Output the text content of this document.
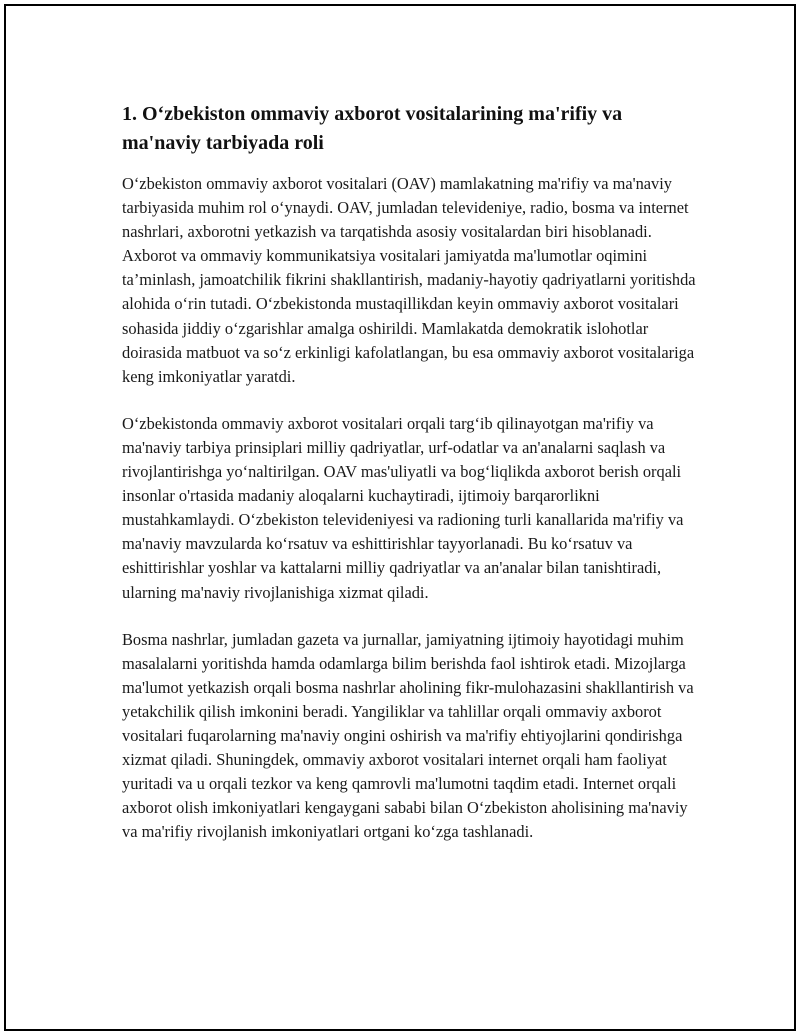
1. O‘zbekiston ommaviy axborot vositalarining ma'rifiy va ma'naviy tarbiyada roli

O‘zbekiston ommaviy axborot vositalari (OAV) mamlakatning ma'rifiy va ma'naviy tarbiyasida muhim rol o‘ynaydi. OAV, jumladan televideniye, radio, bosma va internet nashrlari, axborotni yetkazish va tarqatishda asosiy vositalardan biri hisoblanadi. Axborot va ommaviy kommunikatsiya vositalari jamiyatda ma'lumotlar oqimini ta’minlash, jamoatchilik fikrini shakllantirish, madaniy-hayotiy qadriyatlarni yoritishda alohida o‘rin tutadi. O‘zbekistonda mustaqillikdan keyin ommaviy axborot vositalari sohasida jiddiy o‘zgarishlar amalga oshirildi. Mamlakatda demokratik islohotlar doirasida matbuot va so‘z erkinligi kafolatlangan, bu esa ommaviy axborot vositalariga keng imkoniyatlar yaratdi.

O‘zbekistonda ommaviy axborot vositalari orqali targ‘ib qilinayotgan ma'rifiy va ma'naviy tarbiya prinsiplari milliy qadriyatlar, urf-odatlar va an'analarni saqlash va rivojlantirishga yo‘naltirilgan. OAV mas'uliyatli va bog‘liqlikda axborot berish orqali insonlar o'rtasida madaniy aloqalarni kuchaytiradi, ijtimoiy barqarorlikni mustahkamlaydi. O‘zbekiston televideniyesi va radioning turli kanallarida ma'rifiy va ma'naviy mavzularda ko‘rsatuv va eshittirishlar tayyorlanadi. Bu ko‘rsatuv va eshittirishlar yoshlar va kattalarni milliy qadriyatlar va an'analar bilan tanishtiradi, ularning ma'naviy rivojlanishiga xizmat qiladi.

Bosma nashrlar, jumladan gazeta va jurnallar, jamiyatning ijtimoiy hayotidagi muhim masalalarni yoritishda hamda odamlarga bilim berishda faol ishtirok etadi. Mizojlarga ma'lumot yetkazish orqali bosma nashrlar aholining fikr-mulohazasini shakllantirish va yetakchilik qilish imkonini beradi. Yangiliklar va tahlillar orqali ommaviy axborot vositalari fuqarolarning ma'naviy ongini oshirish va ma'rifiy ehtiyojlarini qondirishga xizmat qiladi. Shuningdek, ommaviy axborot vositalari internet orqali ham faoliyat yuritadi va u orqali tezkor va keng qamrovli ma'lumotni taqdim etadi. Internet orqali axborot olish imkoniyatlari kengaygani sababi bilan O‘zbekiston aholisining ma'naviy va ma'rifiy rivojlanish imkoniyatlari ortgani ko‘zga tashlanadi.
